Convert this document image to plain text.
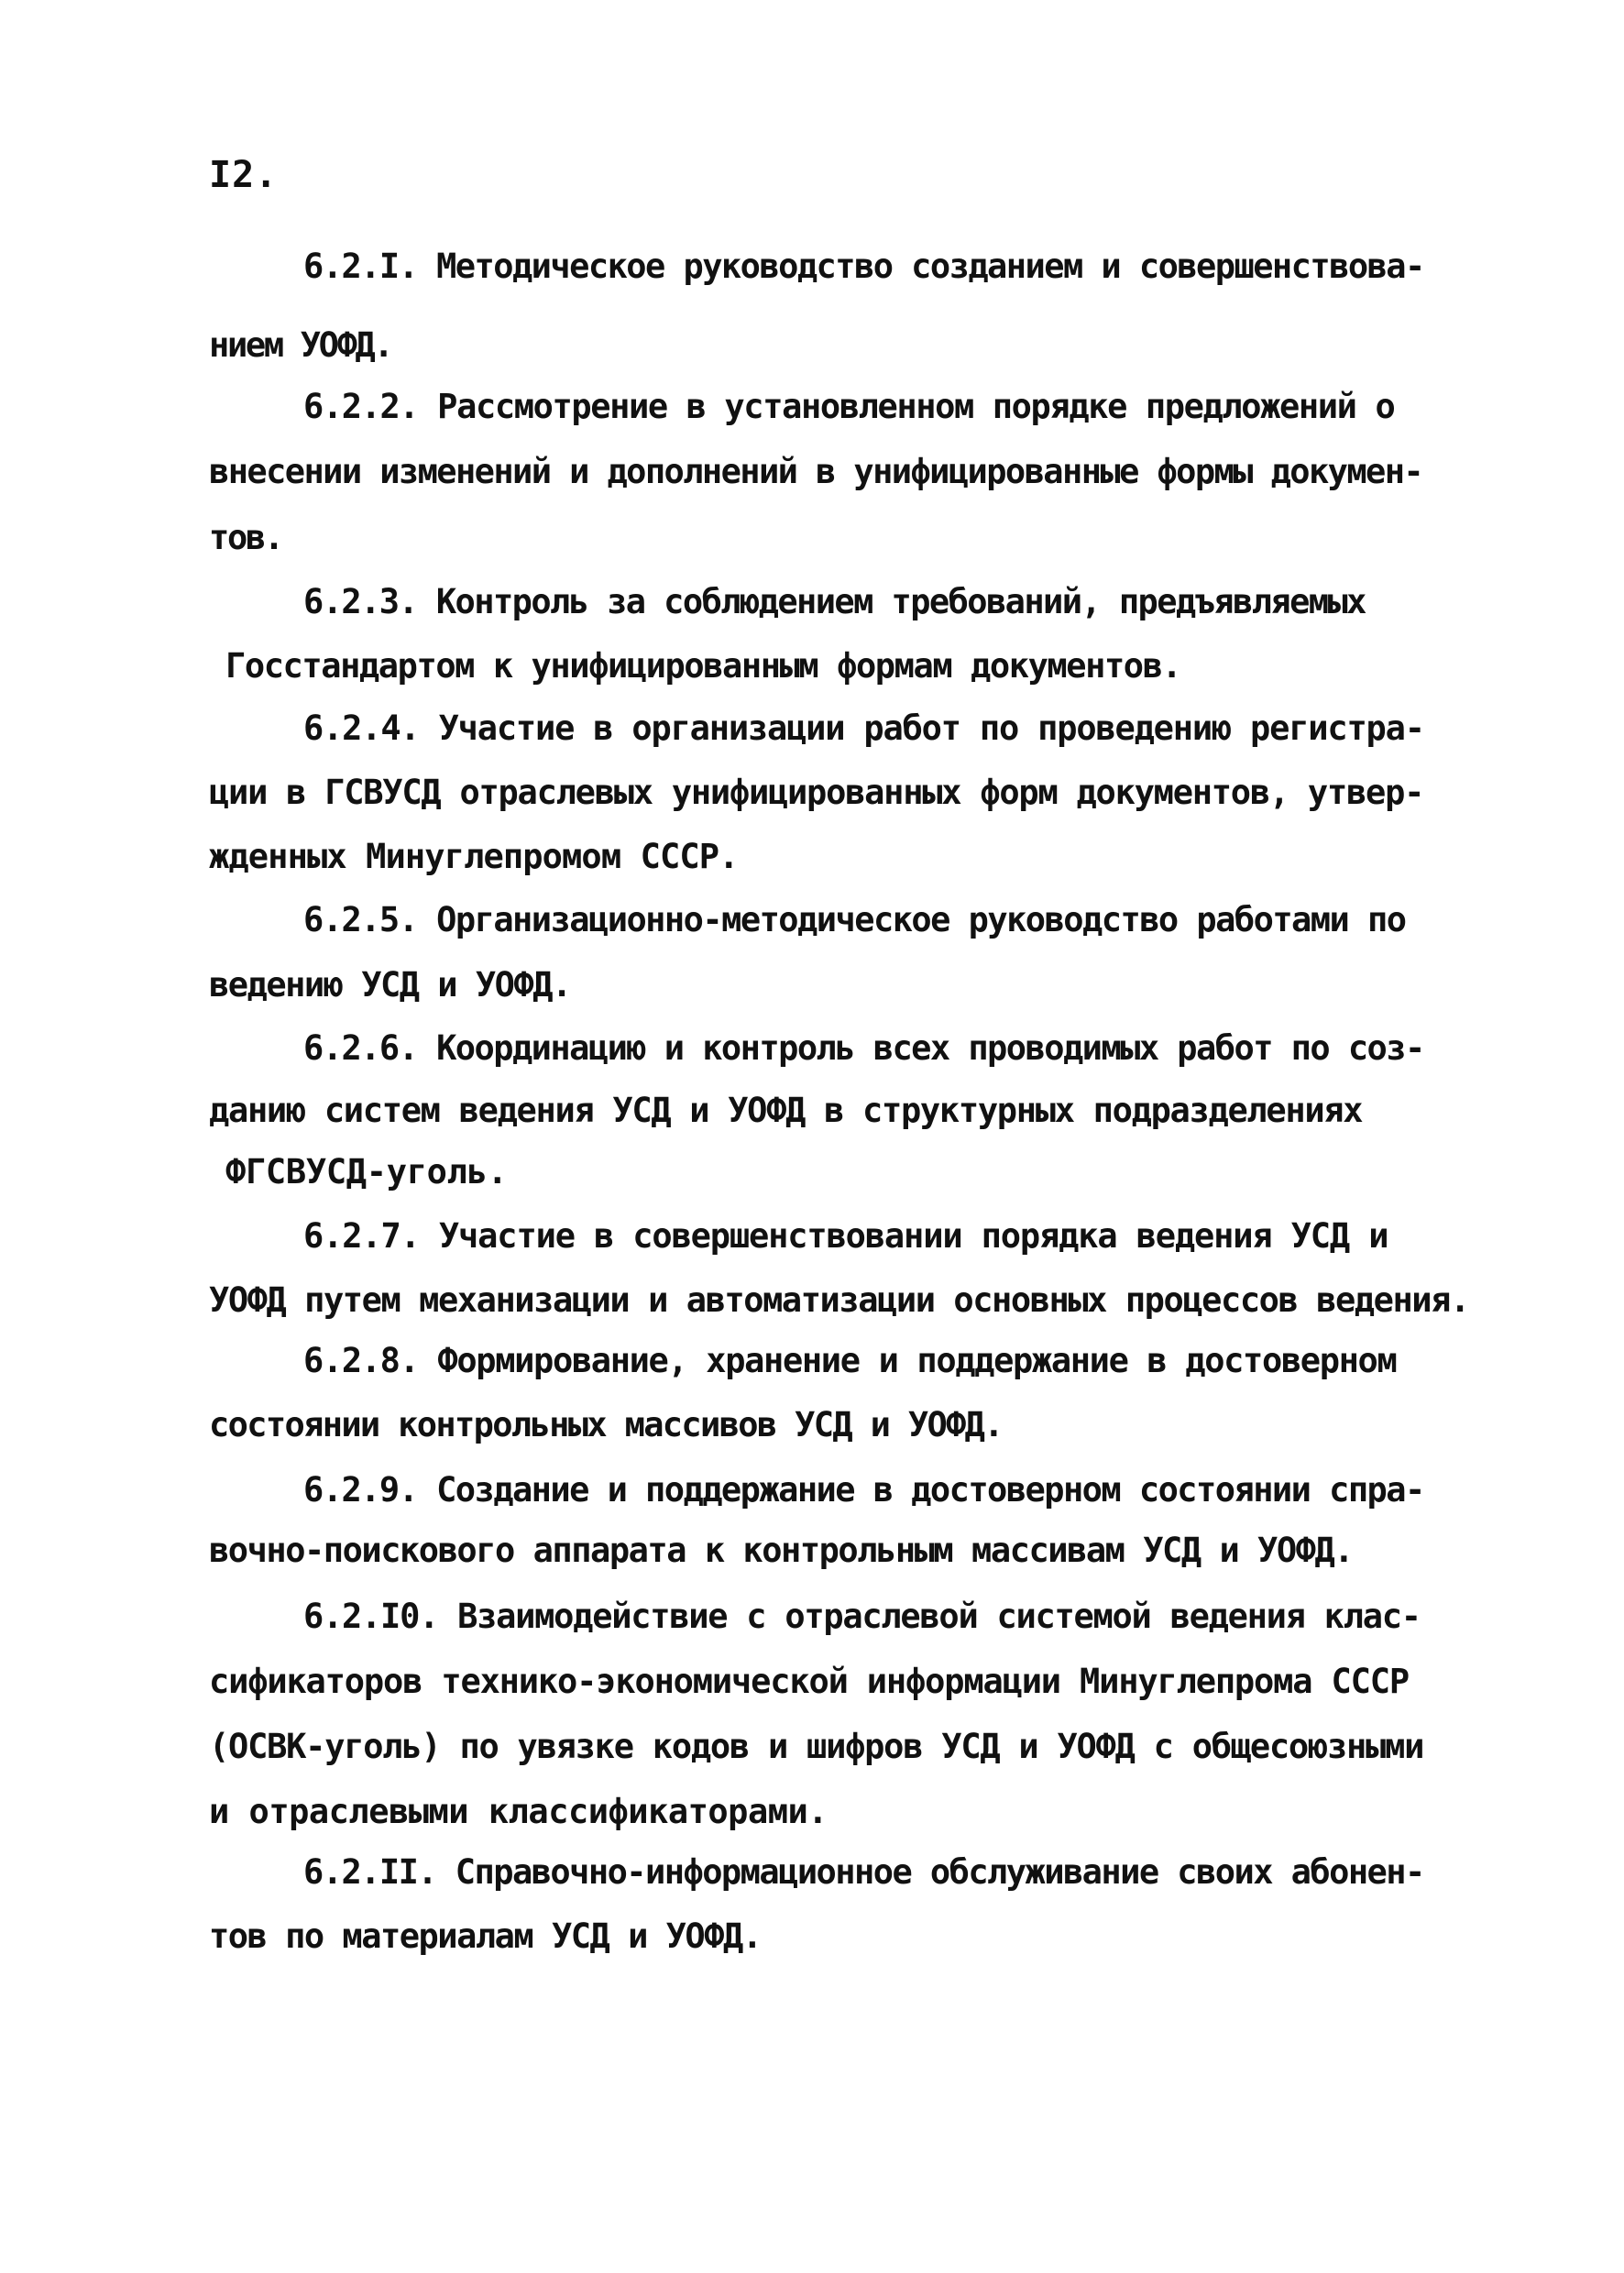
I2.
6.2.I. Методическое руководство созданием и совершенствова-
нием УОФД.
6.2.2. Рассмотрение в установленном порядке предложений о
внесении изменений и дополнений в унифицированные формы докумен-
тов.
6.2.3. Контроль за соблюдением требований, предъявляемых
Госстандартом к унифицированным формам документов.
6.2.4. Участие в организации работ по проведению регистра-
ции в ГСВУСД отраслевых унифицированных форм документов, утвер-
жденных Минуглепромом СССР.
6.2.5. Организационно-методическое руководство работами по
ведению УСД и УОФД.
6.2.6. Координацию и контроль всех проводимых работ по соз-
данию систем ведения УСД и УОФД в структурных подразделениях
ФГСВУСД-уголь.
6.2.7. Участие в совершенствовании порядка ведения УСД и
УОФД путем механизации и автоматизации основных процессов ведения.
6.2.8. Формирование, хранение и поддержание в достоверном
состоянии контрольных массивов УСД и УОФД.
6.2.9. Создание и поддержание в достоверном состоянии спра-
вочно-поискового аппарата к контрольным массивам УСД и УОФД.
6.2.I0. Взаимодействие с отраслевой системой ведения клас-
сификаторов технико-экономической информации Минуглепрома СССР
(ОСВК-уголь) по увязке кодов и шифров УСД и УОФД с общесоюзными
и отраслевыми классификаторами.
6.2.II. Справочно-информационное обслуживание своих абонен-
тов по материалам УСД и УОФД.
